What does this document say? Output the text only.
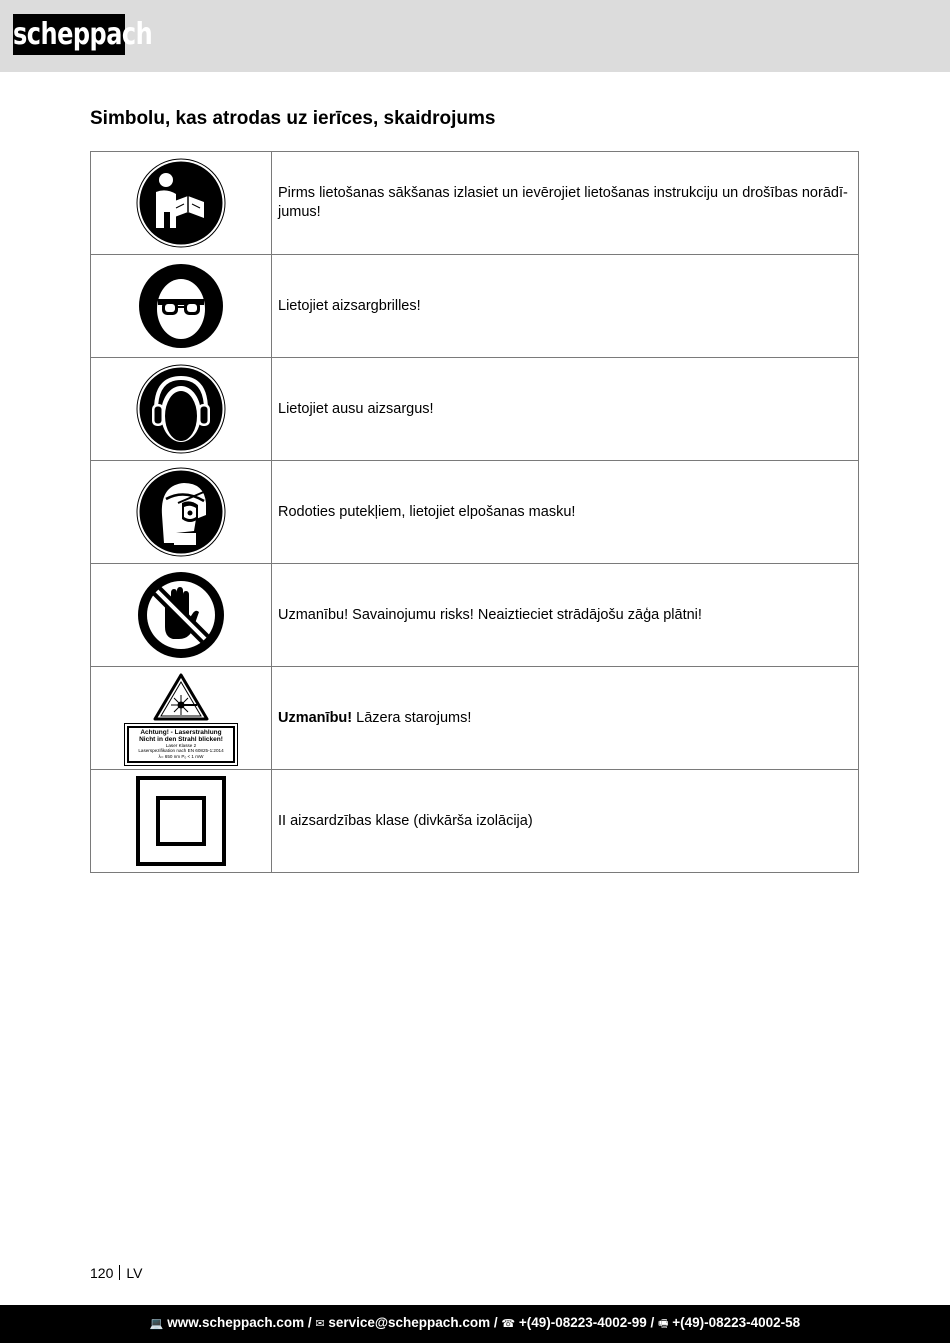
scheppach
Simbolu, kas atrodas uz ierīces, skaidrojums
	Pirms lietošanas sākšanas izlasiet un ievērojiet lietošanas instrukciju un drošības norādī-jumus!

	Lietojiet aizsargbrilles!

	Lietojiet ausu aizsargus!

	Rodoties putekļiem, lietojiet elpošanas masku!

	Uzmanību! Savainojumu risks! Neaiztieciet strādājošu zāģa plātni!

Achtung! - Laserstrahlung
Nicht in den Strahl blicken!
Laser Klasse 2
Laserspezifikation nach EN 60825-1:2014
λ= 650 nm Pₒ < 1 mW	Uzmanību! Lāzera starojums!

	II aizsardzības klase (divkārša izolācija)
120 LV
💻 www.scheppach.com / ✉ service@scheppach.com / ☎ +(49)-08223-4002-99 / 🖷 +(49)-08223-4002-58
